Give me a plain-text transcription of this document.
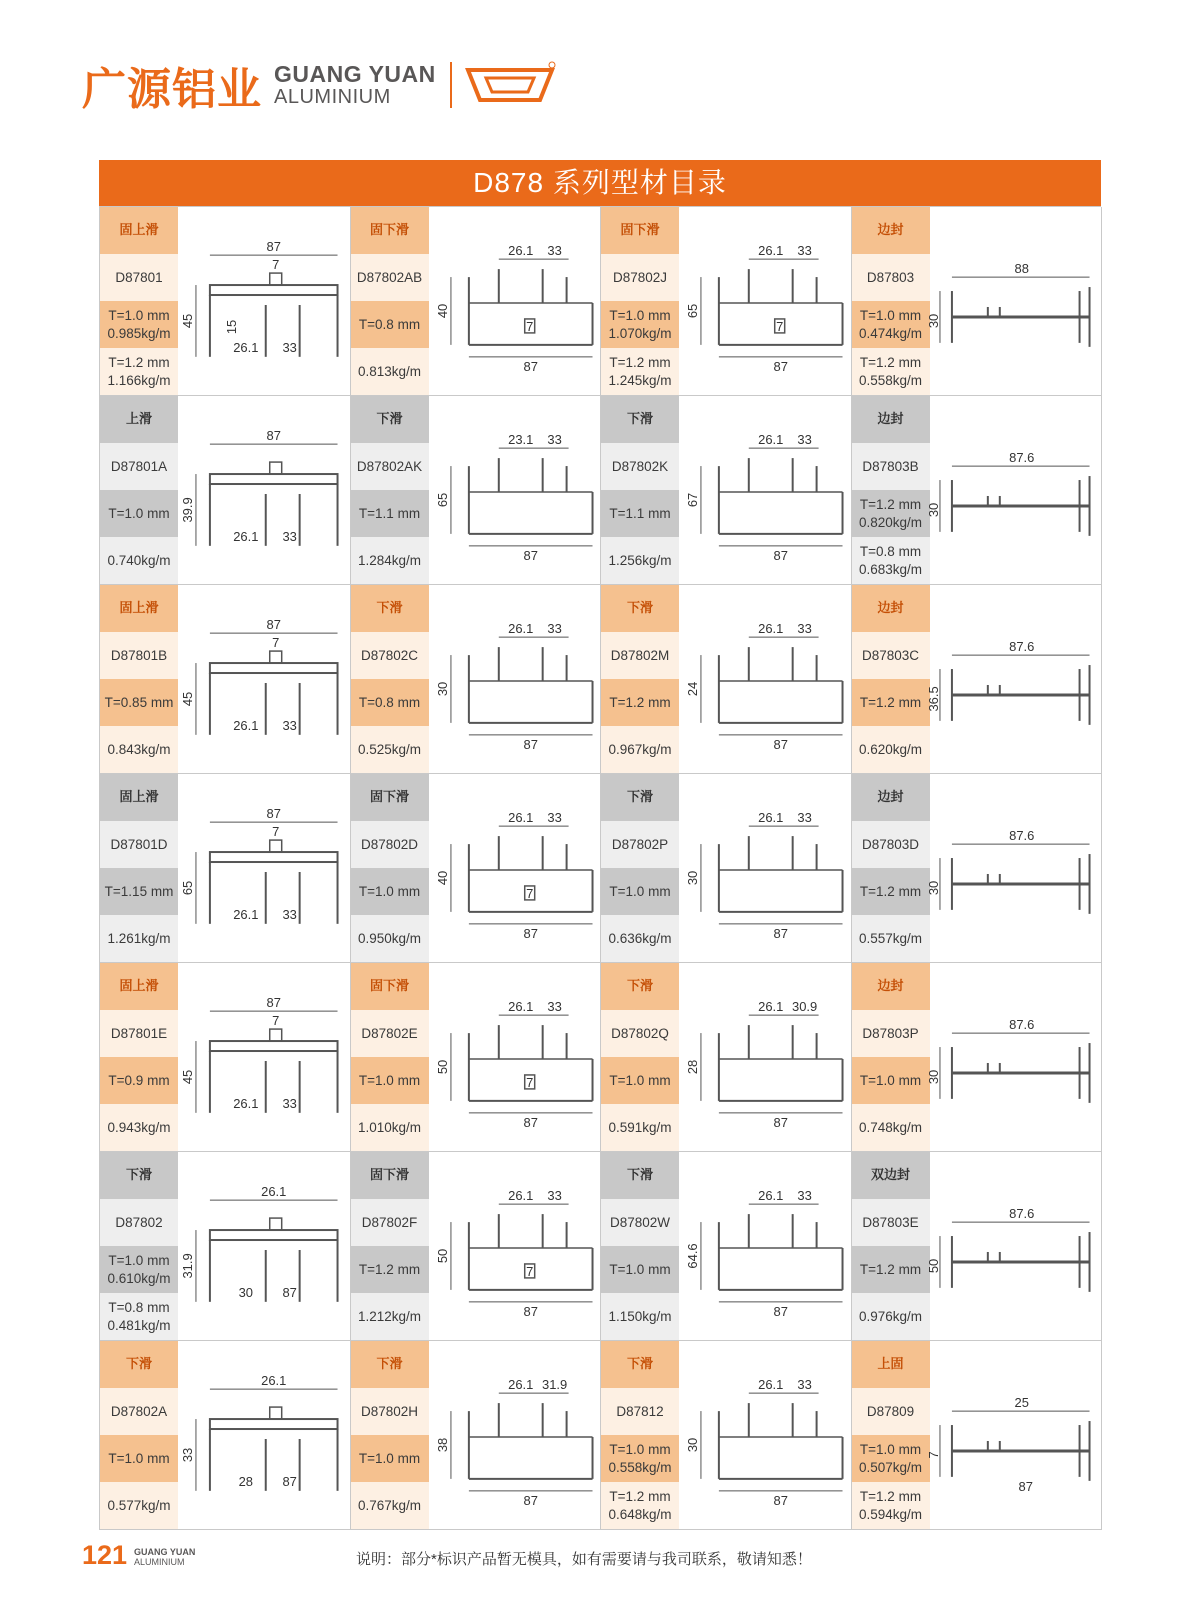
广源铝业 GUANG YUAN
ALUMINIUM
D878 系列型材目录
固上滑
D87801
T=1.0 mm
0.985kg/m
T=1.2 mm
1.166kg/m
87
7
45 15
26.1 33
固下滑
D87802AB
T=0.8 mm
0.813kg/m
26.1 33
40
7
87
固下滑
D87802J
T=1.0 mm
1.070kg/m
T=1.2 mm
1.245kg/m
26.1 33
65
7
87
边封
D87803
T=1.0 mm
0.474kg/m
T=1.2 mm
0.558kg/m
88
30
上滑
D87801A
T=1.0 mm
0.740kg/m
87
39.9
26.1 33
下滑
D87802AK
T=1.1 mm
1.284kg/m
23.1 33
65
87
下滑
D87802K
T=1.1 mm
1.256kg/m
26.1 33
67
87
边封
D87803B
T=1.2 mm
0.820kg/m
T=0.8 mm
0.683kg/m
87.6
30
固上滑
D87801B
T=0.85 mm
0.843kg/m
87
7
45
26.1 33
下滑
D87802C
T=0.8 mm
0.525kg/m
26.1 33
30
87
下滑
D87802M
T=1.2 mm
0.967kg/m
26.1 33
24
87
边封
D87803C
T=1.2 mm
0.620kg/m
87.6
36.5
固上滑
D87801D
T=1.15 mm
1.261kg/m
87
7
65
26.1 33
固下滑
D87802D
T=1.0 mm
0.950kg/m
26.1 33
40
7
87
下滑
D87802P
T=1.0 mm
0.636kg/m
26.1 33
30
87
边封
D87803D
T=1.2 mm
0.557kg/m
87.6
30
固上滑
D87801E
T=0.9 mm
0.943kg/m
87
7
45
26.1 33
固下滑
D87802E
T=1.0 mm
1.010kg/m
26.1 33
50
7
87
下滑
D87802Q
T=1.0 mm
0.591kg/m
26.1 30.9
28
87
边封
D87803P
T=1.0 mm
0.748kg/m
87.6
30
下滑
D87802
T=1.0 mm
0.610kg/m
T=0.8 mm
0.481kg/m
26.1
31.9
30 87
固下滑
D87802F
T=1.2 mm
1.212kg/m
26.1 33
50
7
87
下滑
D87802W
T=1.0 mm
1.150kg/m
26.1 33
64.6
87
双边封
D87803E
T=1.2 mm
0.976kg/m
87.6
50
下滑
D87802A
T=1.0 mm
0.577kg/m
26.1
33
28 87
下滑
D87802H
T=1.0 mm
0.767kg/m
26.1 31.9
38
87
下滑
D87812
T=1.0 mm
0.558kg/m
T=1.2 mm
0.648kg/m
26.1 33
30
87
上固
D87809
T=1.0 mm
0.507kg/m
T=1.2 mm
0.594kg/m
25
7
87
121 GUANG YUAN
ALUMINIUM	说明：部分*标识产品暂无模具，如有需要请与我司联系，敬请知悉！
